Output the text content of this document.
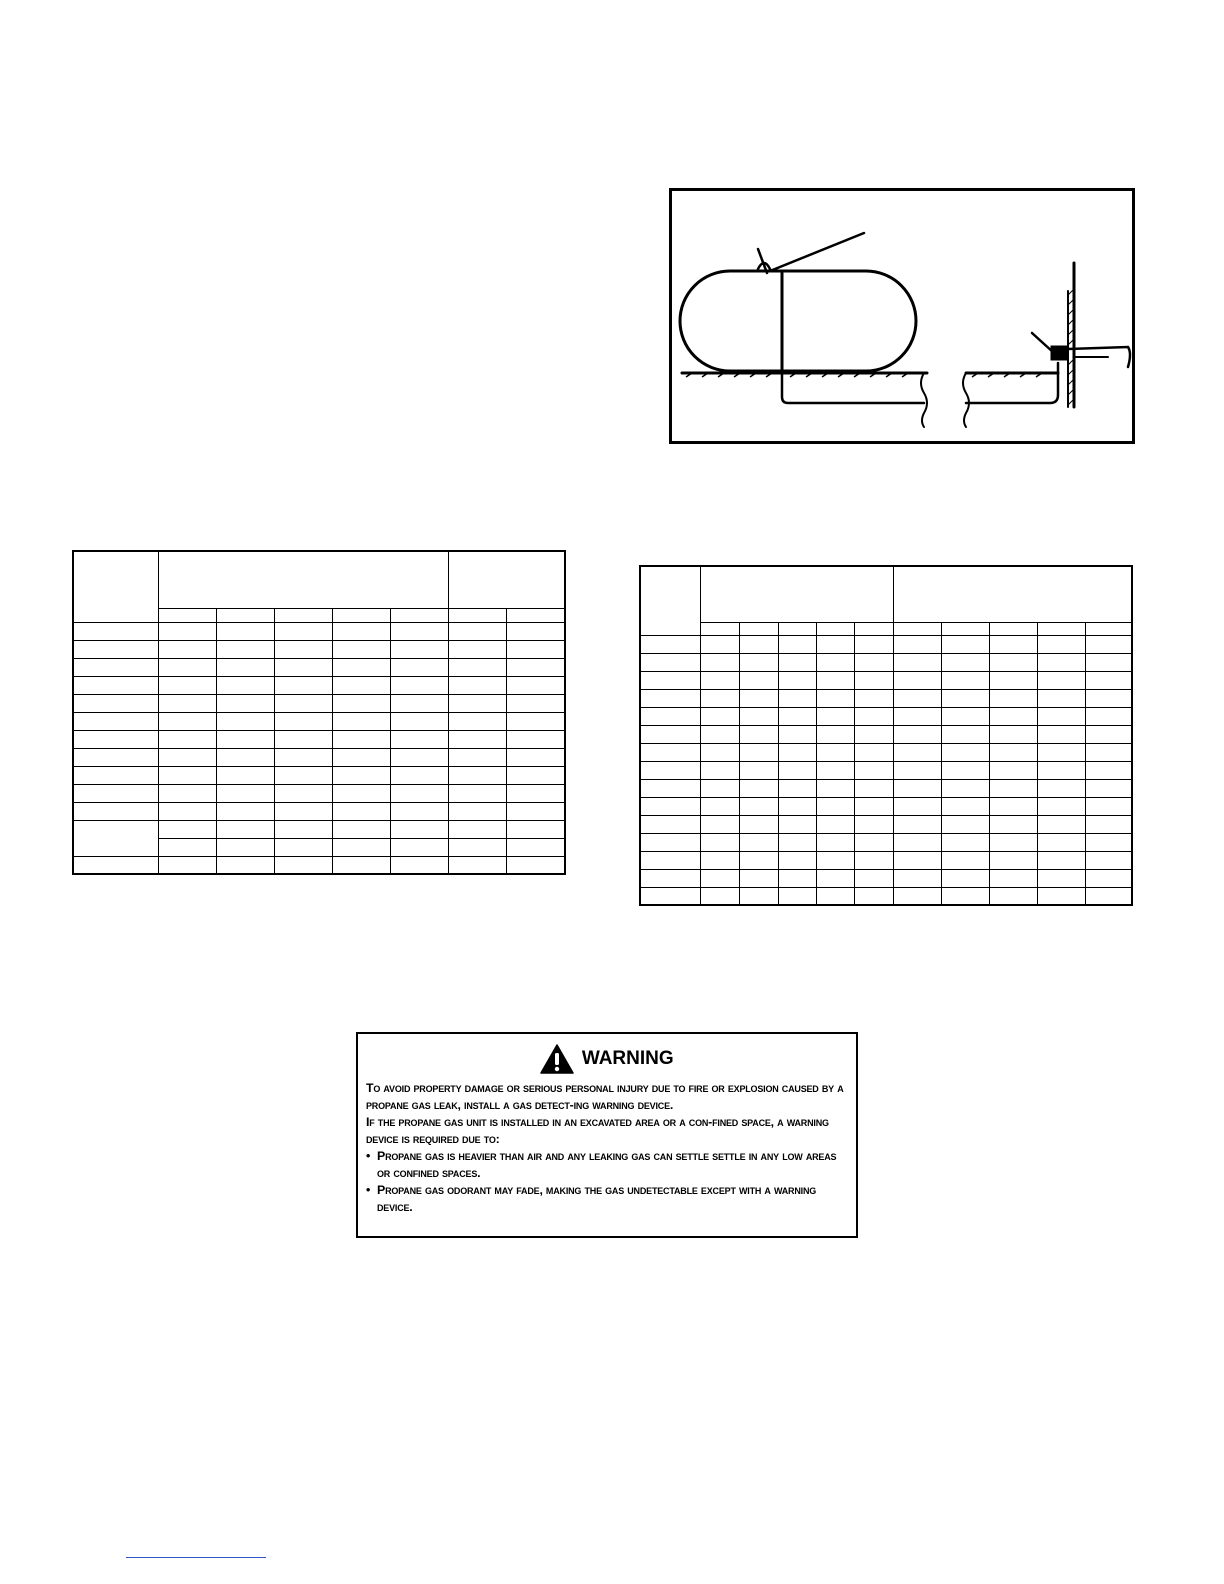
WARNING

To avoid property damage or serious personal injury due to fire or explosion caused by a propane gas leak, install a gas detect-ing warning device.

If the propane gas unit is installed in an excavated area or a con-fined space, a warning device is required due to:

• Propane gas is heavier than air and any leaking gas can settle settle in any low areas or confined spaces.
• Propane gas odorant may fade, making the gas undetectable except with a warning device.
